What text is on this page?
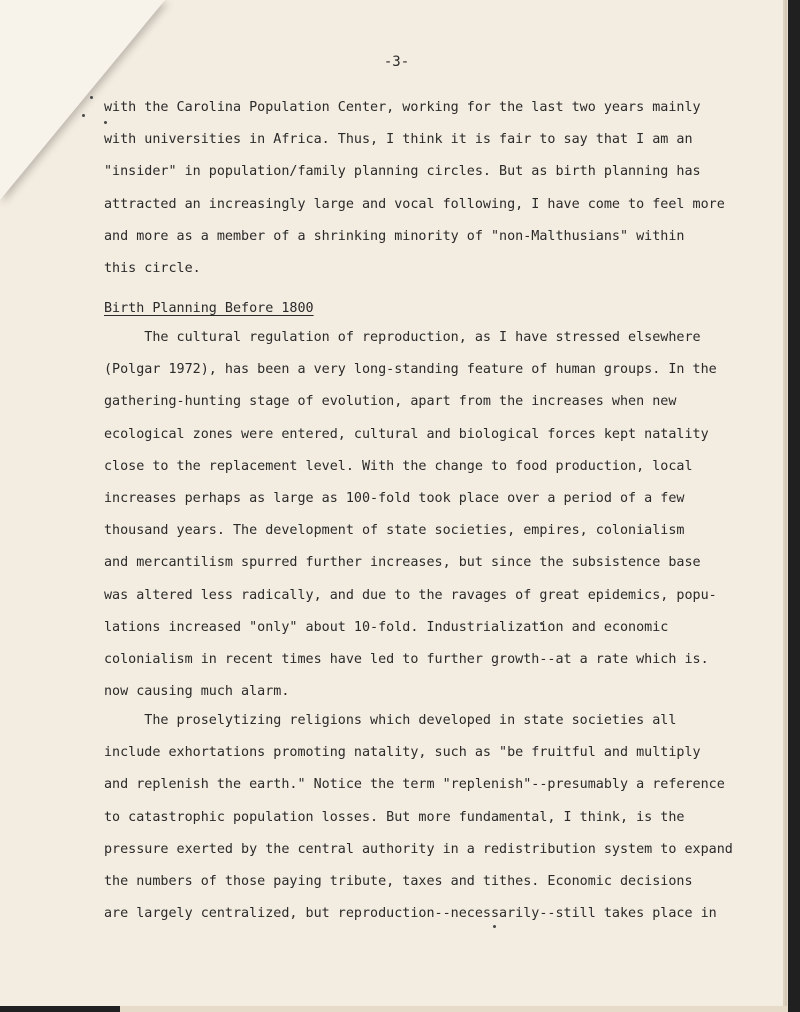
-3-
with the Carolina Population Center, working for the last two years mainly
with universities in Africa. Thus, I think it is fair to say that I am an
"insider" in population/family planning circles. But as birth planning has
attracted an increasingly large and vocal following, I have come to feel more
and more as a member of a shrinking minority of "non-Malthusians" within
this circle.
Birth Planning Before 1800
The cultural regulation of reproduction, as I have stressed elsewhere
(Polgar 1972), has been a very long-standing feature of human groups. In the
gathering-hunting stage of evolution, apart from the increases when new
ecological zones were entered, cultural and biological forces kept natality
close to the replacement level. With the change to food production, local
increases perhaps as large as 100-fold took place over a period of a few
thousand years. The development of state societies, empires, colonialism
and mercantilism spurred further increases, but since the subsistence base
was altered less radically, and due to the ravages of great epidemics, popu-
lations increased "only" about 10-fold. Industrialization and economic
colonialism in recent times have led to further growth--at a rate which is.
now causing much alarm.
The proselytizing religions which developed in state societies all
include exhortations promoting natality, such as "be fruitful and multiply
and replenish the earth." Notice the term "replenish"--presumably a reference
to catastrophic population losses. But more fundamental, I think, is the
pressure exerted by the central authority in a redistribution system to expand
the numbers of those paying tribute, taxes and tithes. Economic decisions
are largely centralized, but reproduction--necessarily--still takes place in
